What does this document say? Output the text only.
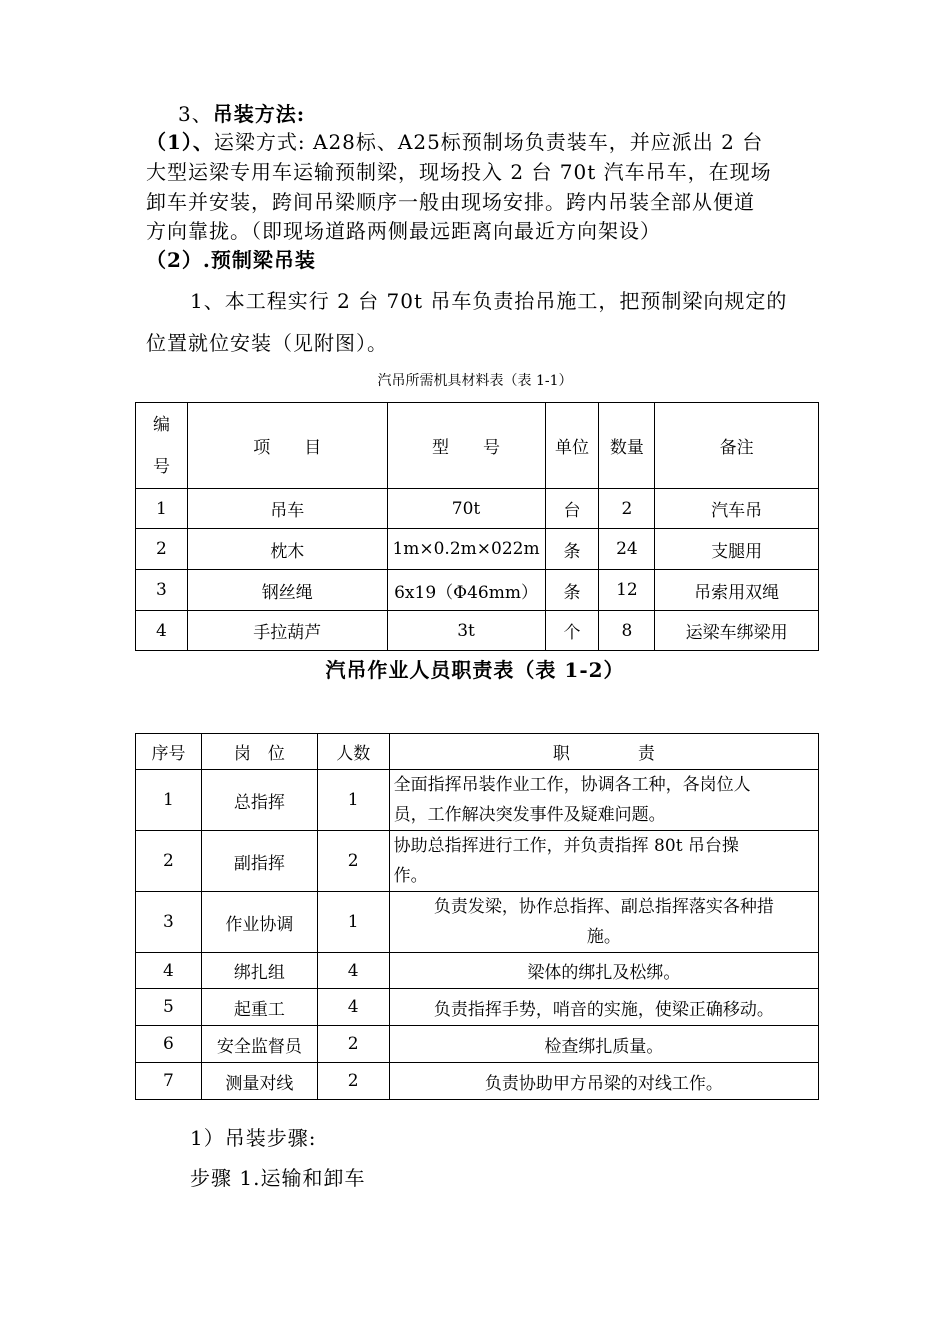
3、吊装方法:
（1）、运梁方式: A28标、A25标预制场负责装车，并应派出 2 台
大型运梁专用车运输预制梁，现场投入 2 台 70t 汽车吊车，在现场
卸车并安装，跨间吊梁顺序一般由现场安排。跨内吊装全部从便道
方向靠拢。（即现场道路两侧最远距离向最近方向架设）
（2）.预制梁吊装
1、本工程实行 2 台 70t 吊车负责抬吊施工，把预制梁向规定的
位置就位安装（见附图）。
汽吊所需机具材料表（表 1-1）
编
号	项　　目	型　　号	单位	数量	备注
1	吊车	70t	台	2	汽车吊
2	枕木	1m×0.2m×022m	条	24	支腿用
3	钢丝绳	6x19（Φ46mm）	条	12	吊索用双绳
4	手拉葫芦	3t	个	8	运梁车绑梁用
汽吊作业人员职责表（表 1-2）
序号	岗　位	人数	职　　　　责
1	总指挥	1	全面指挥吊装作业工作，协调各工种，各岗位人
员，工作解决突发事件及疑难问题。

2	副指挥	2	协助总指挥进行工作，并负责指挥 80t 吊台操
作。

3	作业协调	1	负责发梁，协作总指挥、副总指挥落实各种措
施。

4	绑扎组	4	梁体的绑扎及松绑。
5	起重工	4	负责指挥手势，哨音的实施，使梁正确移动。
6	安全监督员	2	检查绑扎质量。
7	测量对线	2	负责协助甲方吊梁的对线工作。
1）吊装步骤:
步骤 1.运输和卸车
